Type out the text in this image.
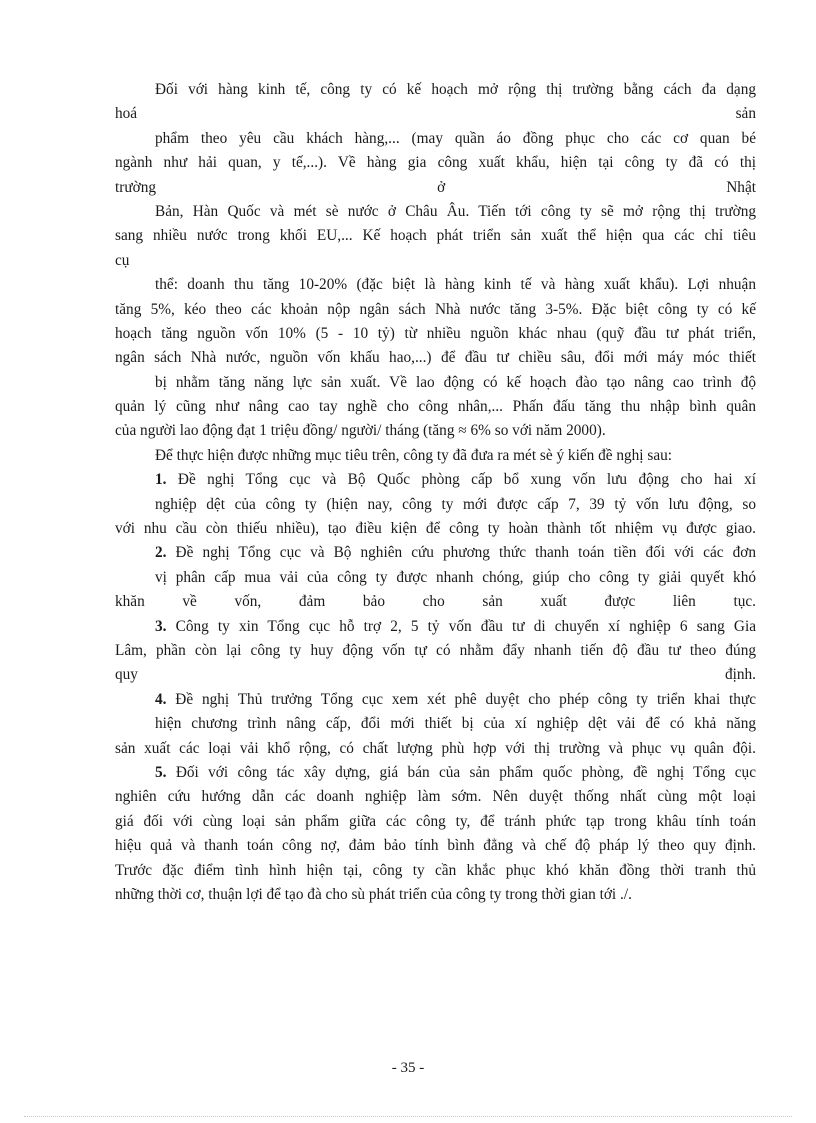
Đối với hàng kinh tế, công ty có kế hoạch mở rộng thị trường bằng cách đa dạng
hoá sản
phẩm theo yêu cầu khách hàng,... (may quần áo đồng phục cho các cơ quan bé
ngành như hải quan, y tế,...). Về hàng gia công xuất khẩu, hiện tại công ty đã có thị
trường ở Nhật
Bản, Hàn Quốc và mét sè nước ở Châu Âu. Tiến tới công ty sẽ mở rộng thị trường
sang nhiều nước trong khối EU,... Kế hoạch phát triển sản xuất thể hiện qua các chỉ tiêu
cụ
thể: doanh thu tăng 10-20% (đặc biệt là hàng kinh tế và hàng xuất khẩu). Lợi nhuận
tăng 5%, kéo theo các khoản nộp ngân sách Nhà nước tăng 3-5%. Đặc biệt công ty có kế
hoạch tăng nguồn vốn 10% (5 - 10 tỷ) từ nhiều nguồn khác nhau (quỹ đầu tư phát triển,
ngân sách Nhà nước, nguồn vốn khấu hao,...) để đầu tư chiều sâu, đổi mới máy móc thiết
bị nhằm tăng năng lực sản xuất. Về lao động có kế hoạch đào tạo nâng cao trình độ
quản lý cũng như nâng cao tay nghề cho công nhân,... Phấn đấu tăng thu nhập bình quân
của người lao động đạt 1 triệu đồng/ người/ tháng (tăng ≈ 6% so với năm 2000).
Để thực hiện được những mục tiêu trên, công ty đã đưa ra mét sè ý kiến đề nghị sau:
1. Đề nghị Tổng cục và Bộ Quốc phòng cấp bổ xung vốn lưu động cho hai xí
nghiệp dệt của công ty (hiện nay, công ty mới được cấp 7, 39 tỷ vốn lưu động, so
với nhu cầu còn thiếu nhiều), tạo điều kiện để công ty hoàn thành tốt nhiệm vụ được giao.
2. Đề nghị Tổng cục và Bộ nghiên cứu phương thức thanh toán tiền đối với các đơn
vị phân cấp mua vải của công ty được nhanh chóng, giúp cho công ty giải quyết khó
khăn về vốn, đảm bảo cho sản xuất được liên tục.
3. Công ty xin Tổng cục hỗ trợ 2, 5 tỷ vốn đầu tư di chuyển xí nghiệp 6 sang Gia
Lâm, phần còn lại công ty huy động vốn tự có nhằm đẩy nhanh tiến độ đầu tư theo đúng
quy định.
4. Đề nghị Thủ trưởng Tổng cục xem xét phê duyệt cho phép công ty triển khai thực
hiện chương trình nâng cấp, đổi mới thiết bị của xí nghiệp dệt vải để có khả năng
sản xuất các loại vải khổ rộng, có chất lượng phù hợp với thị trường và phục vụ quân đội.
5. Đối với công tác xây dựng, giá bán của sản phẩm quốc phòng, đề nghị Tổng cục
nghiên cứu hướng dẫn các doanh nghiệp làm sớm. Nên duyệt thống nhất cùng một loại
giá đối với cùng loại sản phẩm giữa các công ty, để tránh phức tạp trong khâu tính toán
hiệu quả và thanh toán công nợ, đảm bảo tính bình đẳng và chế độ pháp lý theo quy định.
Trước đặc điểm tình hình hiện tại, công ty cần khắc phục khó khăn đồng thời tranh thủ
những thời cơ, thuận lợi để tạo đà cho sù phát triển của công ty trong thời gian tới ./.
- 35 -
